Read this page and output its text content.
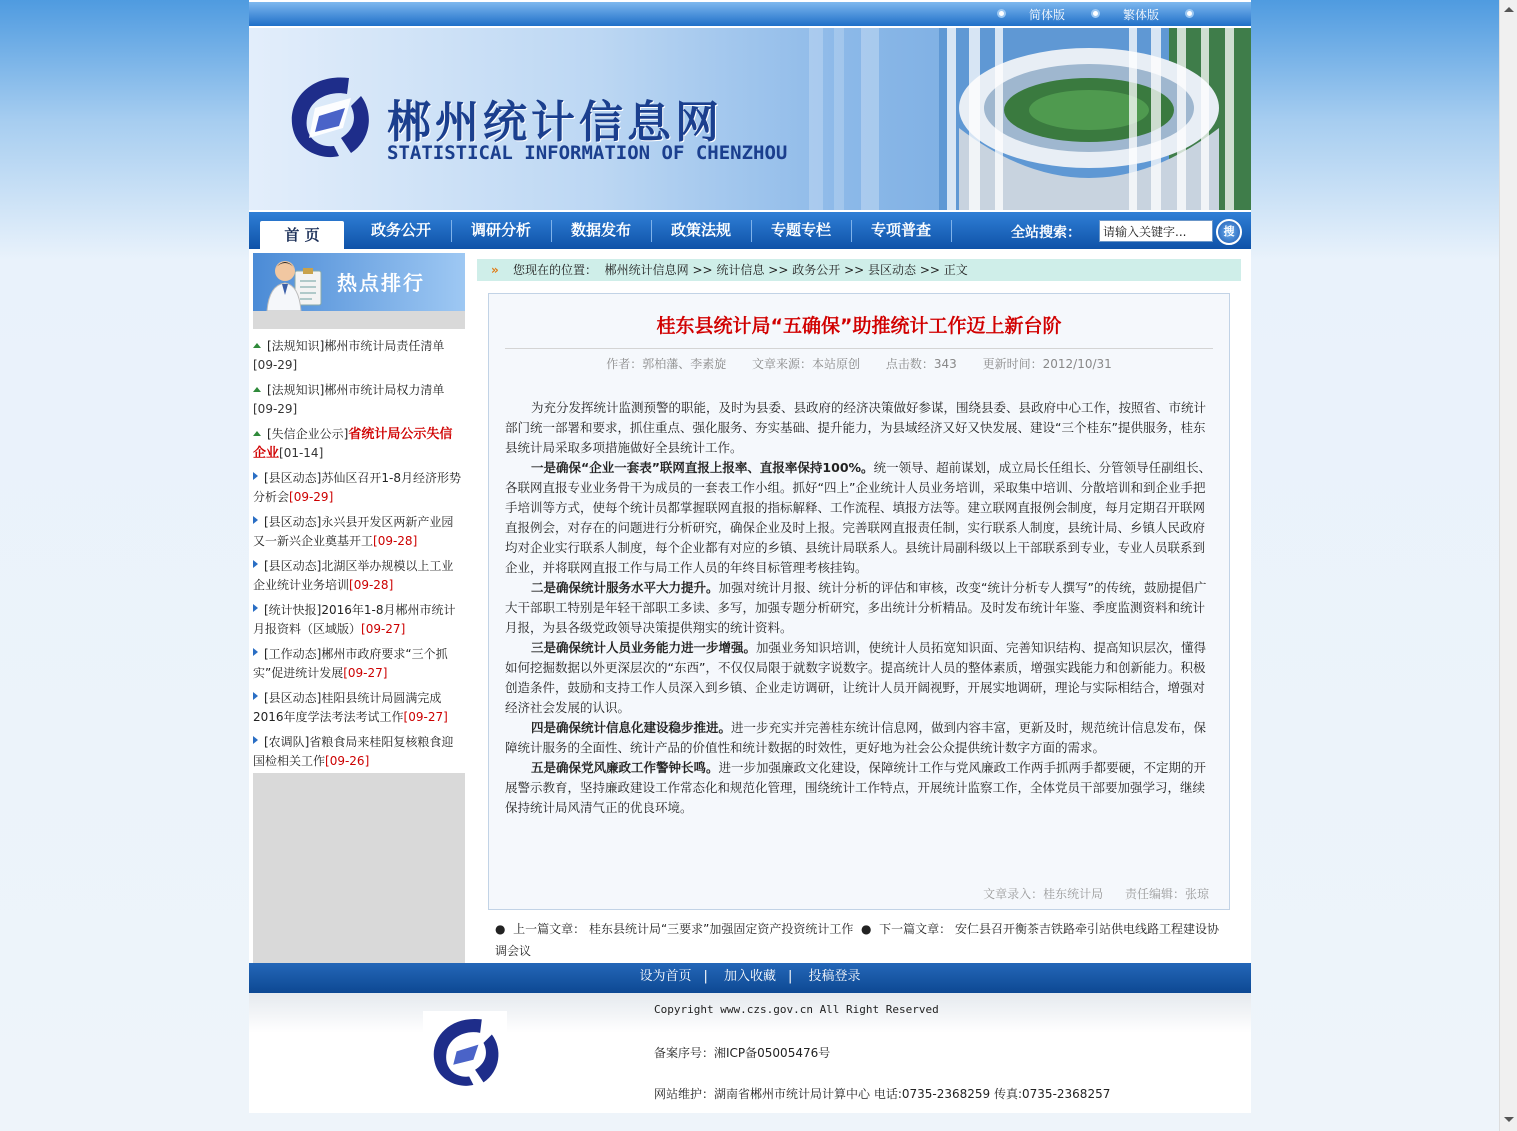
简体版	繁体版
郴州统计信息网
STATISTICAL INFORMATION OF CHENZHOU
首 页	政务公开	调研分析	数据发布	政策法规	专题专栏	专项普查	全站搜索：
请输入关键字...	搜
热点排行
[法规知识]郴州市统计局责任清单[09-29]
[法规知识]郴州市统计局权力清单[09-29]
[失信企业公示]省统计局公示失信企业[01-14]
[县区动态]苏仙区召开1-8月经济形势分析会[09-29]
[县区动态]永兴县开发区两新产业园又一新兴企业奠基开工[09-28]
[县区动态]北湖区举办规模以上工业企业统计业务培训[09-28]
[统计快报]2016年1-8月郴州市统计月报资料（区域版）[09-27]
[工作动态]郴州市政府要求“三个抓实”促进统计发展[09-27]
[县区动态]桂阳县统计局圆满完成2016年度学法考法考试工作[09-27]
[农调队]省粮食局来桂阳复核粮食迎国检相关工作[09-26]
» 您现在的位置： 郴州统计信息网 >> 统计信息 >> 政务公开 >> 县区动态 >> 正文
桂东县统计局“五确保”助推统计工作迈上新台阶
作者：郭柏藩、李素旋 文章来源：本站原创 点击数：343 更新时间：2012/10/31

为充分发挥统计监测预警的职能，及时为县委、县政府的经济决策做好参谋，围绕县委、县政府中心工作，按照省、市统计部门统一部署和要求，抓住重点、强化服务、夯实基础、提升能力，为县域经济又好又快发展、建设“三个桂东”提供服务，桂东县统计局采取多项措施做好全县统计工作。

一是确保“企业一套表”联网直报上报率、直报率保持100%。统一领导、超前谋划，成立局长任组长、分管领导任副组长、各联网直报专业业务骨干为成员的一套表工作小组。抓好“四上”企业统计人员业务培训，采取集中培训、分散培训和到企业手把手培训等方式，使每个统计员都掌握联网直报的指标解释、工作流程、填报方法等。建立联网直报例会制度，每月定期召开联网直报例会，对存在的问题进行分析研究，确保企业及时上报。完善联网直报责任制，实行联系人制度，县统计局、乡镇人民政府均对企业实行联系人制度，每个企业都有对应的乡镇、县统计局联系人。县统计局副科级以上干部联系到专业，专业人员联系到企业，并将联网直报工作与局工作人员的年终目标管理考核挂钩。

二是确保统计服务水平大力提升。加强对统计月报、统计分析的评估和审核，改变“统计分析专人撰写”的传统，鼓励提倡广大干部职工特别是年轻干部职工多读、多写，加强专题分析研究，多出统计分析精品。及时发布统计年鉴、季度监测资料和统计月报，为县各级党政领导决策提供翔实的统计资料。

三是确保统计人员业务能力进一步增强。加强业务知识培训，使统计人员拓宽知识面、完善知识结构、提高知识层次，懂得如何挖掘数据以外更深层次的“东西”，不仅仅局限于就数字说数字。提高统计人员的整体素质，增强实践能力和创新能力。积极创造条件，鼓励和支持工作人员深入到乡镇、企业走访调研，让统计人员开阔视野，开展实地调研，理论与实际相结合，增强对经济社会发展的认识。

四是确保统计信息化建设稳步推进。进一步充实并完善桂东统计信息网，做到内容丰富，更新及时，规范统计信息发布，保障统计服务的全面性、统计产品的价值性和统计数据的时效性，更好地为社会公众提供统计数字方面的需求。

五是确保党风廉政工作警钟长鸣。进一步加强廉政文化建设，保障统计工作与党风廉政工作两手抓两手都要硬，不定期的开展警示教育，坚持廉政建设工作常态化和规范化管理，围绕统计工作特点，开展统计监察工作，全体党员干部要加强学习，继续保持统计局风清气正的优良环境。

文章录入：桂东统计局 责任编辑：张琼
●  上一篇文章： 桂东县统计局“三要求”加强固定资产投资统计工作  ●  下一篇文章： 安仁县召开衡茶吉铁路牵引站供电线路工程建设协调会议
设为首页 | 加入收藏 | 投稿登录
Copyright www.czs.gov.cn All Right Reserved
备案序号：湘ICP备05005476号
网站维护：湖南省郴州市统计局计算中心 电话:0735-2368259 传真:0735-2368257
